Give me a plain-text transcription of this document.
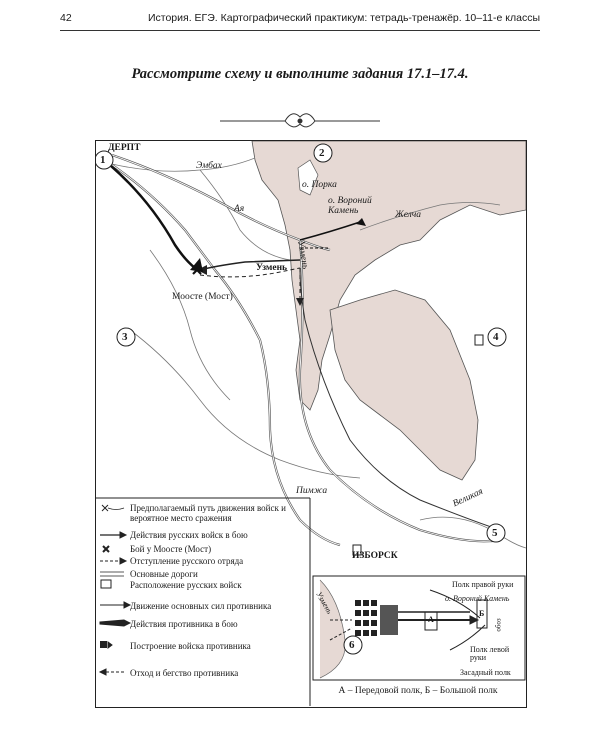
42	История. ЕГЭ. Картографический практикум: тетрадь-тренажёр. 10–11-е классы
Рассмотрите схему и выполните задания 17.1–17.4.
ДЕРПТ
Эмбах
Ая
о. Порка
о. Вороний Камень	Желча
Узмень Узмень
Моосте (Мост)
Пимжа	Великая
ИЗБОРСК
1
2
3	4
5
Предполагаемый путь движения войск и вероятное место сражения
Действия русских войск в бою
Бой у Моосте (Мост)
Отступление русского отряда
Основные дороги
Расположение русских войск
Движение основных сил противника
Действия противника в бою
Построение войска противника
Отход и бегство противника
Полк правой руки
о. Вороний Камень
Узмень
обоз
А
Б
Полк левой руки
Засадный полк
6
А – Передовой полк, Б – Большой полк
